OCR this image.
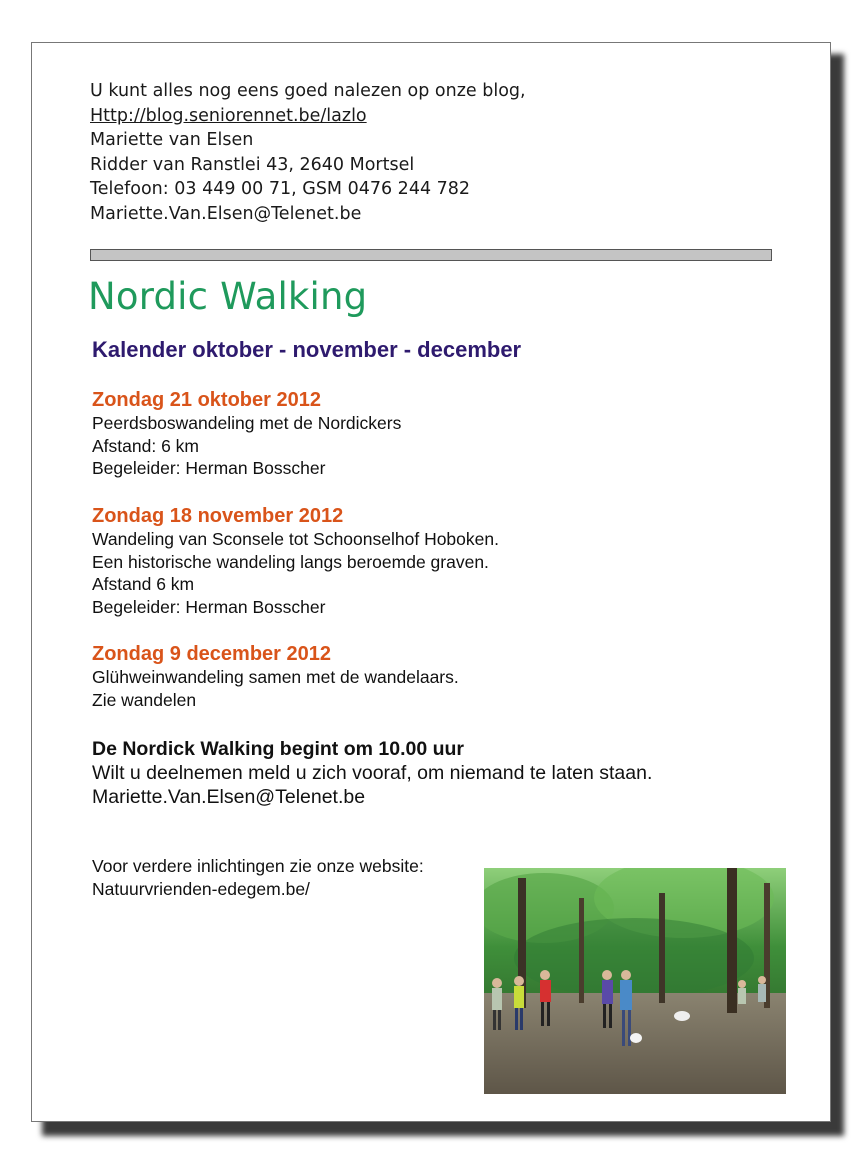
U kunt alles nog eens goed nalezen op onze blog,
Http://blog.seniorennet.be/lazlo
Mariette van Elsen
Ridder van Ranstlei 43, 2640 Mortsel
Telefoon: 03 449 00 71, GSM 0476 244 782
Mariette.Van.Elsen@Telenet.be
Nordic Walking
Kalender oktober - november - december
Zondag 21 oktober 2012
Peerdsboswandeling met de Nordickers
Afstand: 6 km
Begeleider: Herman Bosscher
Zondag 18 november 2012
Wandeling van Sconsele tot Schoonselhof Hoboken.
Een historische wandeling langs beroemde graven.
Afstand 6 km
Begeleider: Herman Bosscher
Zondag 9 december 2012
Glühweinwandeling samen met de wandelaars.
Zie wandelen
De Nordick Walking begint om 10.00 uur
Wilt u deelnemen meld u zich vooraf, om niemand te laten staan.
Mariette.Van.Elsen@Telenet.be
Voor verdere inlichtingen zie onze website:
Natuurvrienden-edegem.be/
